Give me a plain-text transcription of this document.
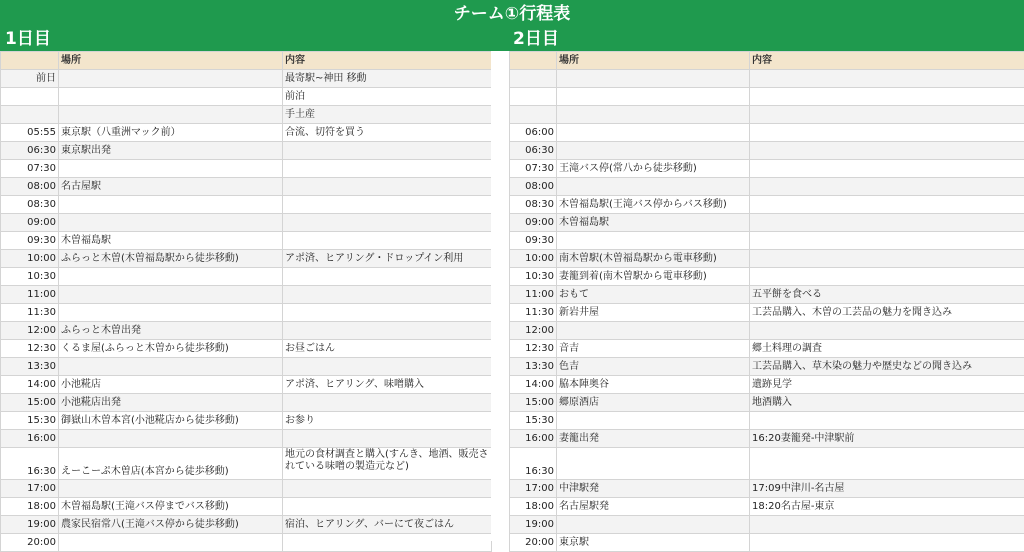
チーム①行程表
1日目	2日目
	場所	内容
前日		最寄駅~神田 移動
		前泊
		手土産
05:55	東京駅（八重洲マック前）	合流、切符を買う
06:30	東京駅出発	
07:30		
08:00	名古屋駅	
08:30		
09:00		
09:30	木曽福島駅	
10:00	ふらっと木曽(木曽福島駅から徒歩移動)	アポ済、ヒアリング・ドロップイン利用
10:30		
11:00		
11:30		
12:00	ふらっと木曽出発	
12:30	くるま屋(ふらっと木曽から徒歩移動)	お昼ごはん
13:30		
14:00	小池糀店	アポ済、ヒアリング、味噌購入
15:00	小池糀店出発	
15:30	御嶽山木曽本宮(小池糀店から徒歩移動)	お参り
16:00		
16:30	えーこーぷ木曽店(本宮から徒歩移動)	地元の食材調査と購入(すんき、地酒、販売されている味噌の製造元など)
17:00		
18:00	木曽福島駅(王滝バス停までバス移動)	
19:00	農家民宿常八(王滝バス停から徒歩移動)	宿泊、ヒアリング、バーにて夜ごはん
20:00		
	場所	内容

06:00		
06:30		
07:30	王滝バス停(常八から徒歩移動)	
08:00		
08:30	木曽福島駅(王滝バス停からバス移動)	
09:00	木曽福島駅	
09:30		
10:00	南木曽駅(木曽福島駅から電車移動)	
10:30	妻籠到着(南木曽駅から電車移動)	
11:00	おもて	五平餅を食べる
11:30	新岩井屋	工芸品購入、木曽の工芸品の魅力を聞き込み
12:00		
12:30	音吉	郷土料理の調査
13:30	色吉	工芸品購入、草木染の魅力や歴史などの聞き込み
14:00	脇本陣奥谷	遺跡見学
15:00	郷原酒店	地酒購入
15:30		
16:00	妻籠出発	16:20妻籠発-中津駅前
16:30		
17:00	中津駅発	17:09中津川-名古屋
18:00	名古屋駅発	18:20名古屋-東京
19:00		
20:00	東京駅	
